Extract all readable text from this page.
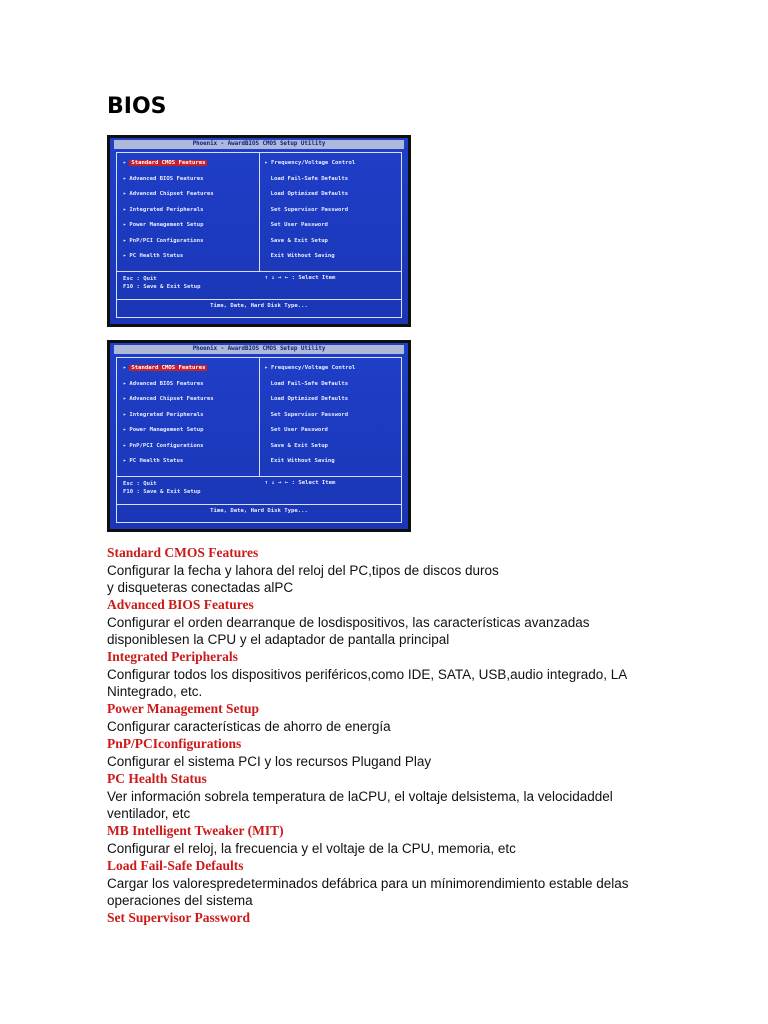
BIOS
Phoenix - AwardBIOS CMOS Setup Utility
▸ Standard CMOS Features
▸ Advanced BIOS Features
▸ Advanced Chipset Features
▸ Integrated Peripherals
▸ Power Management Setup
▸ PnP/PCI Configurations
▸ PC Health Status
▸ Frequency/Voltage Control
Load Fail-Safe Defaults
Load Optimized Defaults
Set Supervisor Password
Set User Password
Save & Exit Setup
Exit Without Saving
Esc : Quit
F10 : Save & Exit Setup
↑ ↓ → ← : Select Item
Time, Date, Hard Disk Type...
Phoenix - AwardBIOS CMOS Setup Utility
▸ Standard CMOS Features
▸ Advanced BIOS Features
▸ Advanced Chipset Features
▸ Integrated Peripherals
▸ Power Management Setup
▸ PnP/PCI Configurations
▸ PC Health Status
▸ Frequency/Voltage Control
Load Fail-Safe Defaults
Load Optimized Defaults
Set Supervisor Password
Set User Password
Save & Exit Setup
Exit Without Saving
Esc : Quit
F10 : Save & Exit Setup
↑ ↓ → ← : Select Item
Time, Date, Hard Disk Type...
Standard CMOS Features
Configurar la fecha y lahora del reloj del PC,tipos de discos duros
y disqueteras conectadas alPC
Advanced BIOS Features
Configurar el orden dearranque de losdispositivos, las características avanzadas
disponiblesen la CPU y el adaptador de pantalla principal
Integrated Peripherals
Configurar todos los dispositivos periféricos,como IDE, SATA, USB,audio integrado, LA
Nintegrado, etc.
Power Management Setup
Configurar características de ahorro de energía
PnP/PCIconfigurations
Configurar el sistema PCI y los recursos Plugand Play
PC Health Status
Ver información sobrela temperatura de laCPU, el voltaje delsistema, la velocidaddel
ventilador, etc
MB Intelligent Tweaker (MIT)
Configurar el reloj, la frecuencia y el voltaje de la CPU, memoria, etc
Load Fail-Safe Defaults
Cargar los valorespredeterminados defábrica para un mínimorendimiento estable delas
operaciones del sistema
Set Supervisor Password
